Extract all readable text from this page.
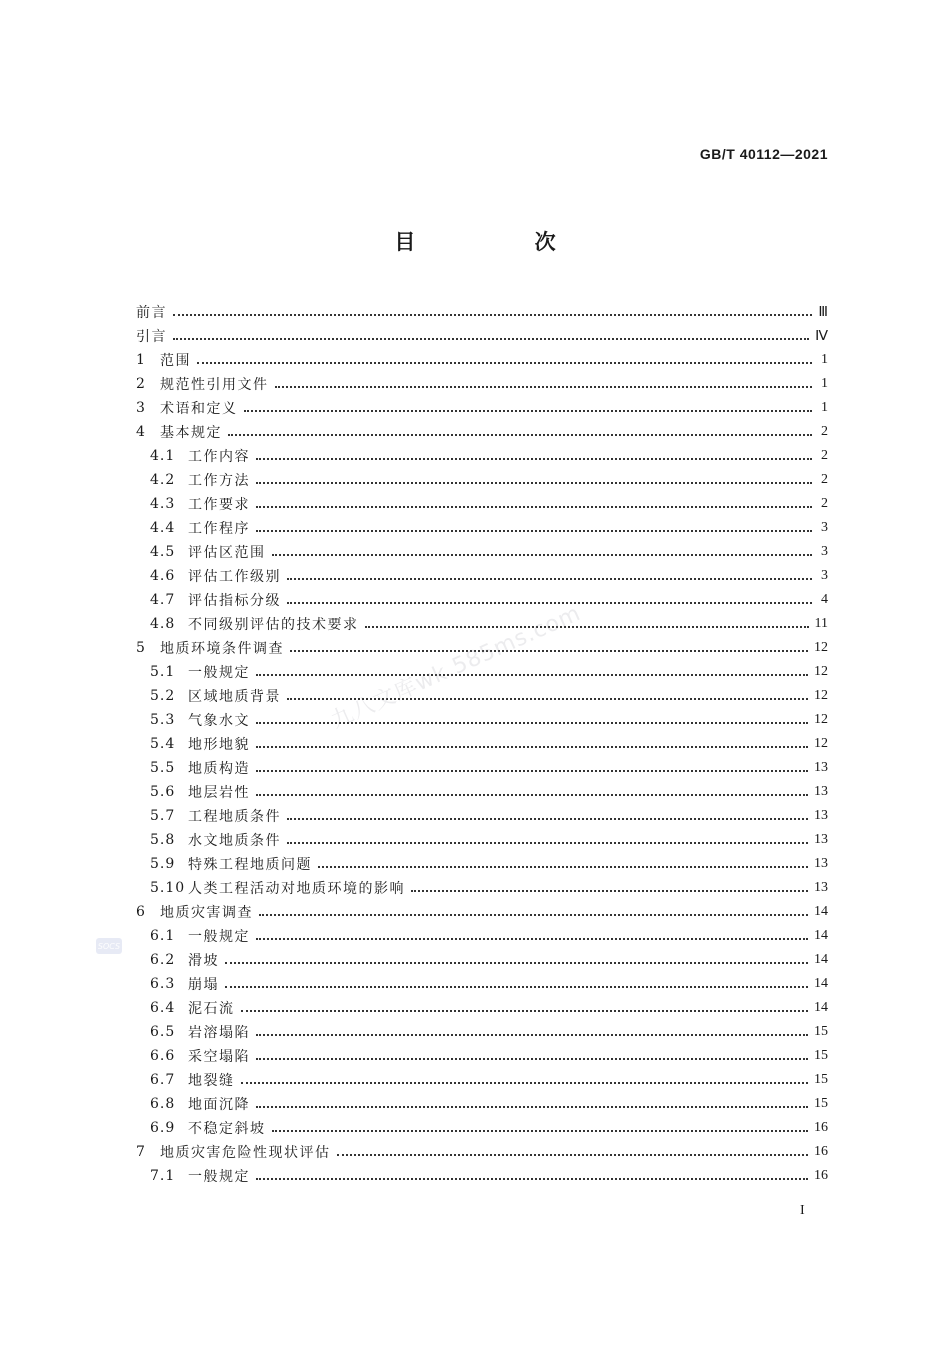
GB/T 40112—2021
目 次
前言	Ⅲ
引言	Ⅳ
1	范围	1
2	规范性引用文件	1
3	术语和定义	1
4	基本规定	2
4.1 工作内容	2
4.2 工作方法	2
4.3 工作要求	2
4.4 工作程序	3
4.5 评估区范围	3
4.6 评估工作级别	3
4.7 评估指标分级	4
4.8 不同级别评估的技术要求	11
5	地质环境条件调查	12
5.1 一般规定	12
5.2 区域地质背景	12
5.3 气象水文	12
5.4 地形地貌	12
5.5 地质构造	13
5.6 地层岩性	13
5.7 工程地质条件	13
5.8 水文地质条件	13
5.9 特殊工程地质问题	13
5.10 人类工程活动对地质环境的影响	13
6	地质灾害调查	14
6.1 一般规定	14
6.2 滑坡	14
6.3 崩塌	14
6.4 泥石流	14
6.5 岩溶塌陷	15
6.6 采空塌陷	15
6.7 地裂缝	15
6.8 地面沉降	15
6.9 不稳定斜坡	16
7	地质灾害危险性现状评估	16
7.1 一般规定	16
九八文库wk.585ms.com
SOCS
I
